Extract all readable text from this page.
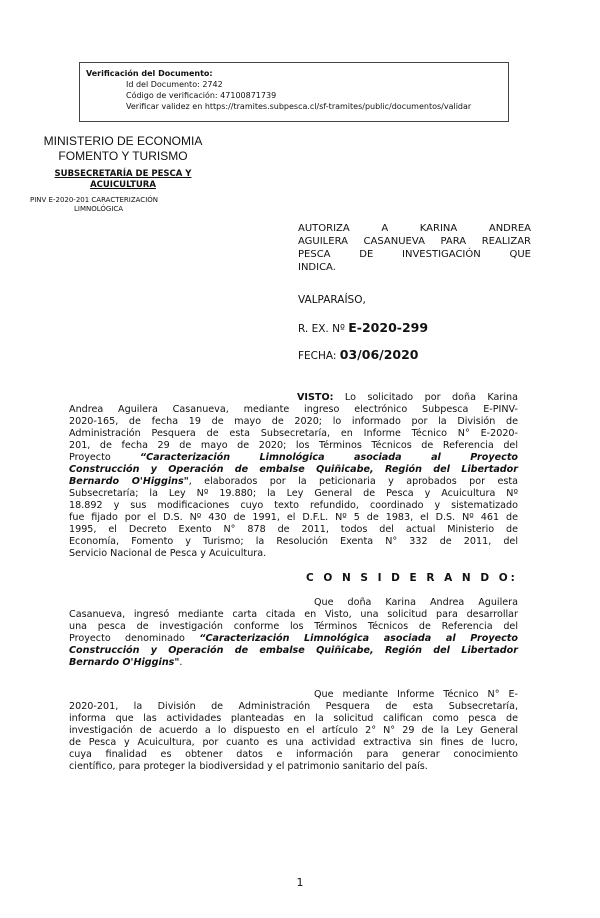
Verificación del Documento:
• Id del Documento: 2742
• Código de verificación: 47100871739
• Verificar validez en https://tramites.subpesca.cl/sf-tramites/public/documentos/validar
MINISTERIO DE ECONOMIA
FOMENTO Y TURISMO
SUBSECRETARÍA DE PESCA Y
ACUICULTURA
PINV E-2020-201 CARACTERIZACIÓN
LIMNOLÓGICA
AUTORIZA A KARINA ANDREA
AGUILERA CASANUEVA PARA REALIZAR
PESCA DE INVESTIGACIÓN QUE
INDICA.
VALPARAÍSO,
R. EX. Nº E-2020-299
FECHA: 03/06/2020
VISTO: Lo solicitado por doña Karina
Andrea Aguilera Casanueva, mediante ingreso electrónico Subpesca E-PINV-
2020-165, de fecha 19 de mayo de 2020; lo informado por la División de
Administración Pesquera de esta Subsecretaría, en Informe Técnico N° E-2020-
201, de fecha 29 de mayo de 2020; los Términos Técnicos de Referencia del
Proyecto “Caracterización Limnológica asociada al Proyecto
Construcción y Operación de embalse Quiñicabe, Región del Libertador
Bernardo O'Higgins", elaborados por la peticionaria y aprobados por esta
Subsecretaría; la Ley Nº 19.880; la Ley General de Pesca y Acuicultura Nº
18.892 y sus modificaciones cuyo texto refundido, coordinado y sistematizado
fue fijado por el D.S. Nº 430 de 1991, el D.F.L. Nº 5 de 1983, el D.S. Nº 461 de
1995, el Decreto Exento N° 878 de 2011, todos del actual Ministerio de
Economía, Fomento y Turismo; la Resolución Exenta N° 332 de 2011, del
Servicio Nacional de Pesca y Acuicultura.
C O N S I D E R A N D O:
Que doña Karina Andrea Aguilera
Casanueva, ingresó mediante carta citada en Visto, una solicitud para desarrollar
una pesca de investigación conforme los Términos Técnicos de Referencia del
Proyecto denominado “Caracterización Limnológica asociada al Proyecto
Construcción y Operación de embalse Quiñicabe, Región del Libertador
Bernardo O'Higgins".
Que mediante Informe Técnico N° E-
2020-201, la División de Administración Pesquera de esta Subsecretaría,
informa que las actividades planteadas en la solicitud califican como pesca de
investigación de acuerdo a lo dispuesto en el artículo 2° N° 29 de la Ley General
de Pesca y Acuicultura, por cuanto es una actividad extractiva sin fines de lucro,
cuya finalidad es obtener datos e información para generar conocimiento
científico, para proteger la biodiversidad y el patrimonio sanitario del país.
1
